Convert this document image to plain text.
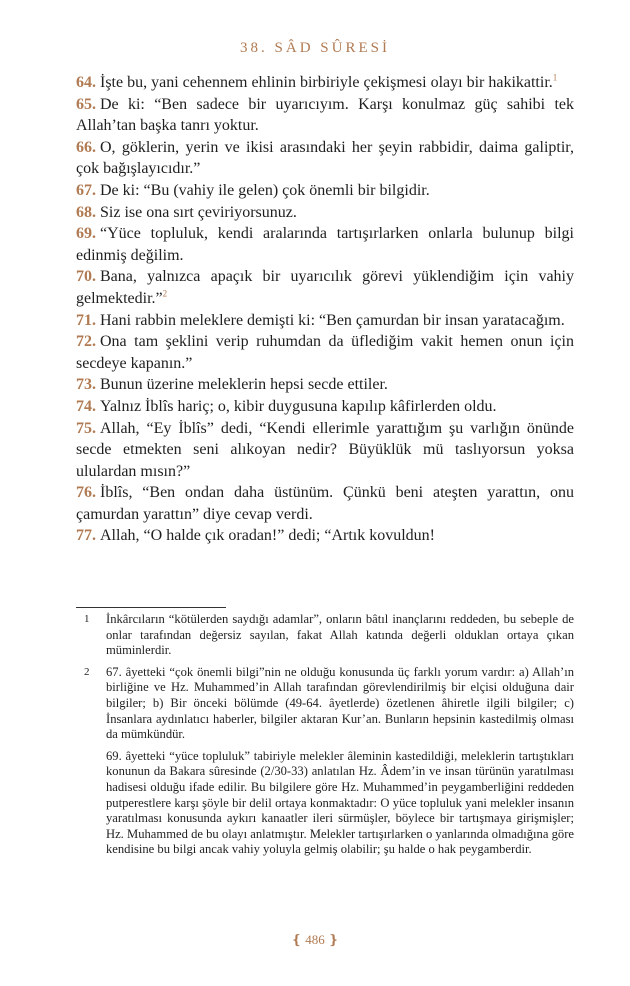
38. SÂD SÛRESİ

64. İşte bu, yani cehennem ehlinin birbiriyle çekişmesi olayı bir hakikattir.$^1$

65. De ki: “Ben sadece bir uyarıcıyım. Karşı konulmaz güç sahibi tek Allah’tan başka tanrı yoktur.

66. O, göklerin, yerin ve ikisi arasındaki her şeyin rabbidir, daima galiptir, çok bağışlayıcıdır.”

67. De ki: “Bu (vahiy ile gelen) çok önemli bir bilgidir.

68. Siz ise ona sırt çeviriyorsunuz.

69. “Yüce topluluk, kendi aralarında tartışırlarken onlarla bulunup bilgi edinmiş değilim.

70. Bana, yalnızca apaçık bir uyarıcılık görevi yüklendiğim için vahiy gelmektedir.”$^2$

71. Hani rabbin meleklere demişti ki: “Ben çamurdan bir insan yaratacağım.

72. Ona tam şeklini verip ruhumdan da üflediğim vakit hemen onun için secdeye kapanın.”

73. Bunun üzerine meleklerin hepsi secde ettiler.

74. Yalnız İblîs hariç; o, kibir duygusuna kapılıp kâfirlerden oldu.

75. Allah, “Ey İblîs” dedi, “Kendi ellerimle yarattığım şu varlığın önünde secde etmekten seni alıkoyan nedir? Büyüklük mü taslıyorsun yoksa ululardan mısın?”

76. İblîs, “Ben ondan daha üstünüm. Çünkü beni ateşten yarattın, onu çamurdan yarattın” diye cevap verdi.

77. Allah, “O halde çık oradan!” dedi; “Artık kovuldun!

1 İnkârcıların “kötülerden saydığı adamlar”, onların bâtıl inançlarını reddeden, bu sebeple de onlar tarafından değersiz sayılan, fakat Allah katında değerli olduklan ortaya çıkan müminlerdir.

2 67. âyetteki “çok önemli bilgi”nin ne olduğu konusunda üç farklı yorum vardır: a) Allah’ın birliğine ve Hz. Muhammed’in Allah tarafından görevlendirilmiş bir elçisi olduğuna dair bilgiler; b) Bir önceki bölümde (49-64. âyetlerde) özetlenen âhiretle ilgili bilgiler; c) İnsanlara aydınlatıcı haberler, bilgiler aktaran Kur’an. Bunların hepsinin kastedilmiş olması da mümkündür.

69. âyetteki “yüce topluluk” tabiriyle melekler âleminin kastedildiği, meleklerin tartıştıkları konunun da Bakara sûresinde (2/30-33) anlatılan Hz. Âdem’in ve insan türünün yaratılması hadisesi olduğu ifade edilir. Bu bilgilere göre Hz. Muhammed’in peygamberliğini reddeden putperestlere karşı şöyle bir delil ortaya konmaktadır: O yüce topluluk yani melekler insanın yaratılması konusunda aykırı kanaatler ileri sürmüşler, böylece bir tartışmaya girişmişler; Hz. Muhammed de bu olayı anlatmıştır. Melekler tartışırlarken o yanlarında olmadığına göre kendisine bu bilgi ancak vahiy yoluyla gelmiş olabilir; şu halde o hak peygamberdir.

❴ 486 ❵
